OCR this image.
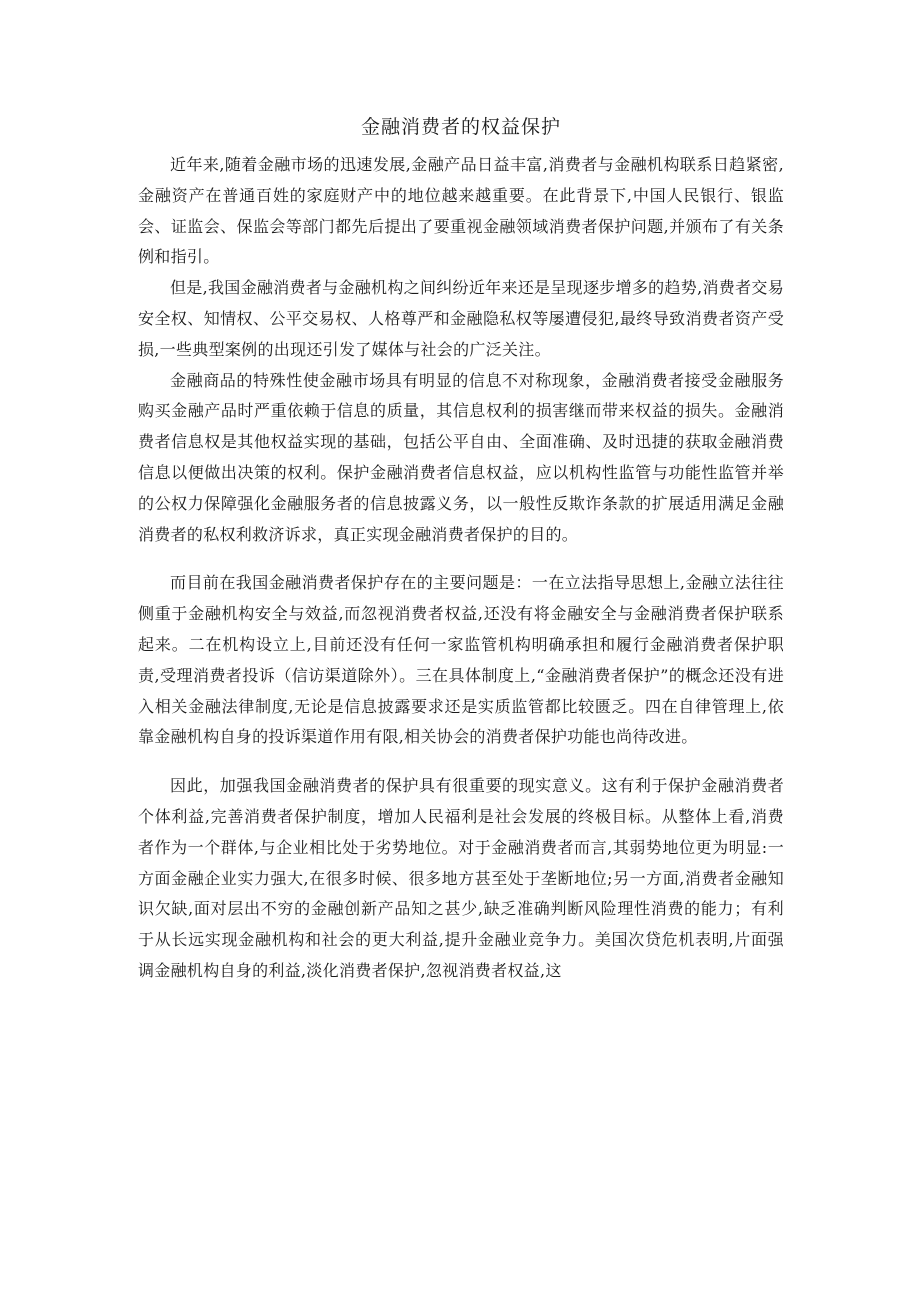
金融消费者的权益保护

近年来,随着金融市场的迅速发展,金融产品日益丰富,消费者与金融机构联系日趋紧密,金融资产在普通百姓的家庭财产中的地位越来越重要。在此背景下,中国人民银行、银监会、证监会、保监会等部门都先后提出了要重视金融领域消费者保护问题,并颁布了有关条例和指引。

但是,我国金融消费者与金融机构之间纠纷近年来还是呈现逐步增多的趋势,消费者交易安全权、知情权、公平交易权、人格尊严和金融隐私权等屡遭侵犯,最终导致消费者资产受损,一些典型案例的出现还引发了媒体与社会的广泛关注。

金融商品的特殊性使金融市场具有明显的信息不对称现象，金融消费者接受金融服务购买金融产品时严重依赖于信息的质量，其信息权利的损害继而带来权益的损失。金融消费者信息权是其他权益实现的基础，包括公平自由、全面准确、及时迅捷的获取金融消费信息以便做出决策的权利。保护金融消费者信息权益，应以机构性监管与功能性监管并举的公权力保障强化金融服务者的信息披露义务，以一般性反欺诈条款的扩展适用满足金融消费者的私权利救济诉求，真正实现金融消费者保护的目的。

而目前在我国金融消费者保护存在的主要问题是：一在立法指导思想上,金融立法往往侧重于金融机构安全与效益,而忽视消费者权益,还没有将金融安全与金融消费者保护联系起来。二在机构设立上,目前还没有任何一家监管机构明确承担和履行金融消费者保护职责,受理消费者投诉（信访渠道除外）。三在具体制度上,“金融消费者保护”的概念还没有进入相关金融法律制度,无论是信息披露要求还是实质监管都比较匮乏。四在自律管理上,依靠金融机构自身的投诉渠道作用有限,相关协会的消费者保护功能也尚待改进。

因此，加强我国金融消费者的保护具有很重要的现实意义。这有利于保护金融消费者个体利益,完善消费者保护制度，增加人民福利是社会发展的终极目标。从整体上看,消费者作为一个群体,与企业相比处于劣势地位。对于金融消费者而言,其弱势地位更为明显:一方面金融企业实力强大,在很多时候、很多地方甚至处于垄断地位;另一方面,消费者金融知识欠缺,面对层出不穷的金融创新产品知之甚少,缺乏准确判断风险理性消费的能力；有利于从长远实现金融机构和社会的更大利益,提升金融业竞争力。美国次贷危机表明,片面强调金融机构自身的利益,淡化消费者保护,忽视消费者权益,这
